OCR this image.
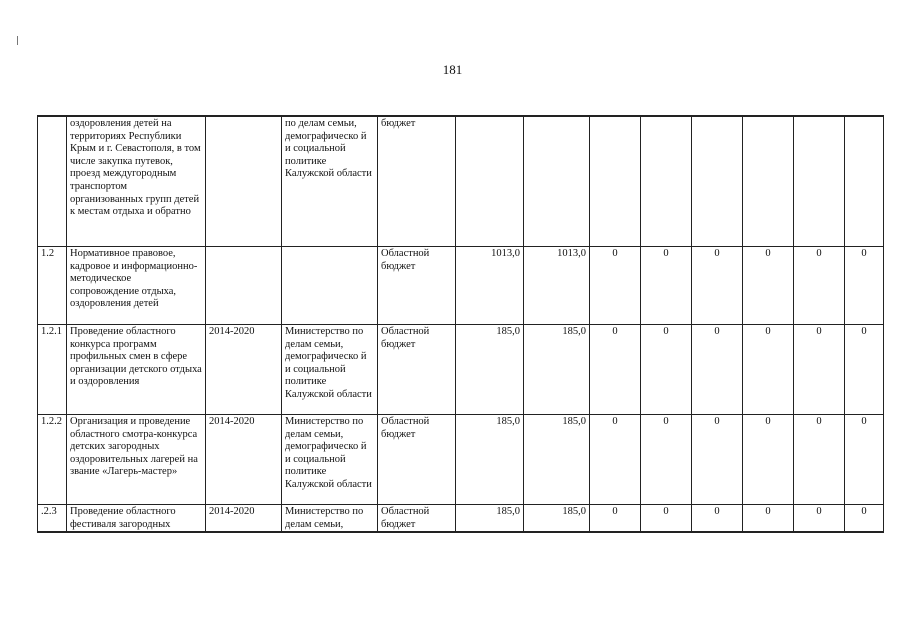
181
	оздоровления детей на территориях Республики Крым и г. Севастополя, в том числе закупка путевок, проезд междугородным транспортом организованных групп детей к местам отдыха и обратно		по делам семьи, демографическо й и социальной политике Калужской области	бюджет								
1.2	Нормативное правовое, кадровое и информационно-методическое сопровождение отдыха, оздоровления детей			Областной бюджет	1013,0	1013,0	0	0	0	0	0	0
1.2.1	Проведение областного конкурса программ профильных смен в сфере организации детского отдыха и оздоровления	2014-2020	Министерство по делам семьи, демографическо й и социальной политике Калужской области	Областной бюджет	185,0	185,0	0	0	0	0	0	0
1.2.2	Организация и проведение областного смотра-конкурса детских загородных оздоровительных лагерей на звание «Лагерь-мастер»	2014-2020	Министерство по делам семьи, демографическо й и социальной политике Калужской области	Областной бюджет	185,0	185,0	0	0	0	0	0	0
.2.3	Проведение областного фестиваля загородных	2014-2020	Министерство по делам семьи,	Областной бюджет	185,0	185,0	0	0	0	0	0	0
